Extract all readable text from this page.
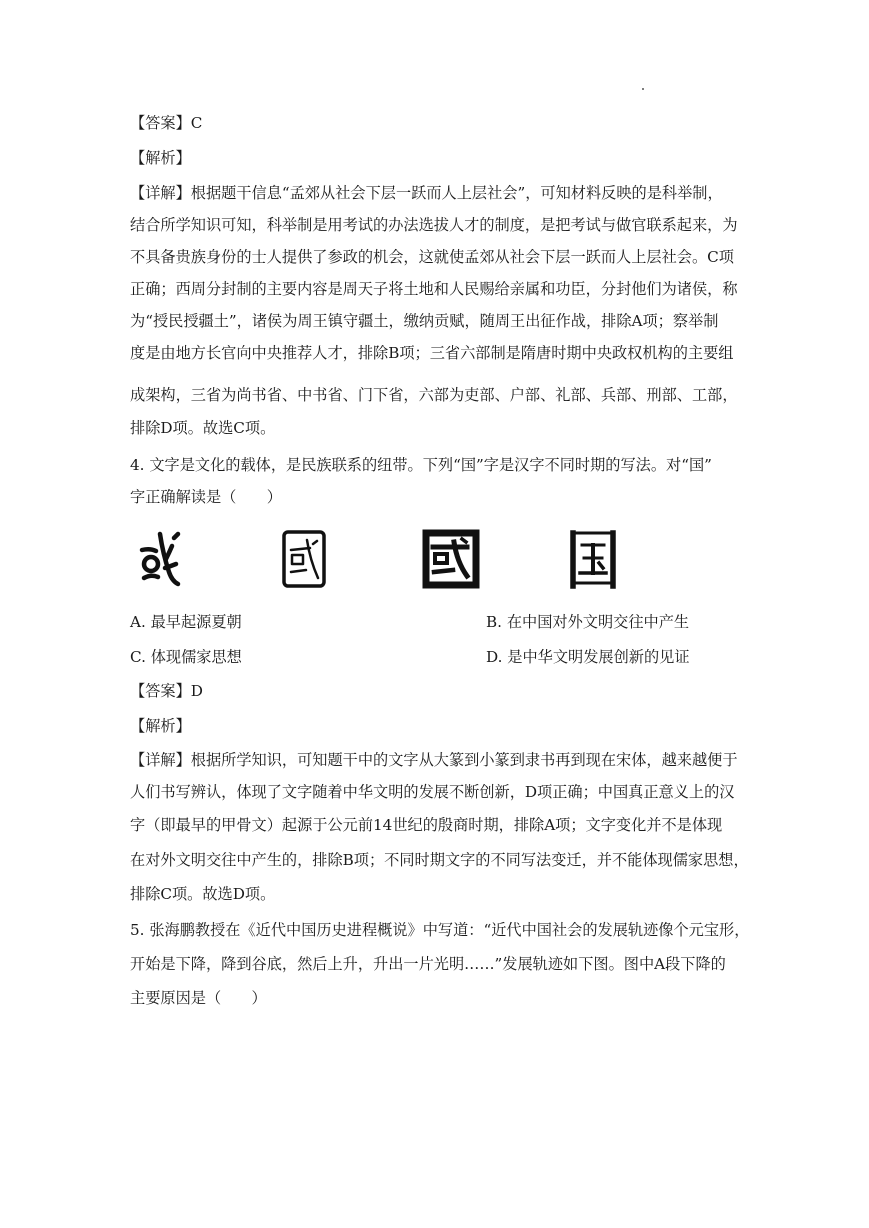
【答案】C
【解析】
【详解】根据题干信息“孟郊从社会下层一跃而人上层社会”，可知材料反映的是科举制，
结合所学知识可知，科举制是用考试的办法选拔人才的制度，是把考试与做官联系起来，为
不具备贵族身份的士人提供了参政的机会，这就使孟郊从社会下层一跃而人上层社会。C项
正确；西周分封制的主要内容是周天子将土地和人民赐给亲属和功臣，分封他们为诸侯，称
为“授民授疆土”，诸侯为周王镇守疆土，缴纳贡赋，随周王出征作战，排除A项；察举制
度是由地方长官向中央推荐人才，排除B项；三省六部制是隋唐时期中央政权机构的主要组
成架构，三省为尚书省、中书省、门下省，六部为吏部、户部、礼部、兵部、刑部、工部，
排除D项。故选C项。
4. 文字是文化的载体，是民族联系的纽带。下列“国”字是汉字不同时期的写法。对“国”
字正确解读是（　　）
A. 最早起源夏朝	B. 在中国对外文明交往中产生
C. 体现儒家思想	D. 是中华文明发展创新的见证
【答案】D
【解析】
【详解】根据所学知识，可知题干中的文字从大篆到小篆到隶书再到现在宋体，越来越便于
人们书写辨认，体现了文字随着中华文明的发展不断创新，D项正确；中国真正意义上的汉
字（即最早的甲骨文）起源于公元前14世纪的殷商时期，排除A项；文字变化并不是体现
在对外文明交往中产生的，排除B项；不同时期文字的不同写法变迁，并不能体现儒家思想，
排除C项。故选D项。
5. 张海鹏教授在《近代中国历史进程概说》中写道：“近代中国社会的发展轨迹像个元宝形，
开始是下降，降到谷底，然后上升，升出一片光明……”发展轨迹如下图。图中A段下降的
主要原因是（　　）
